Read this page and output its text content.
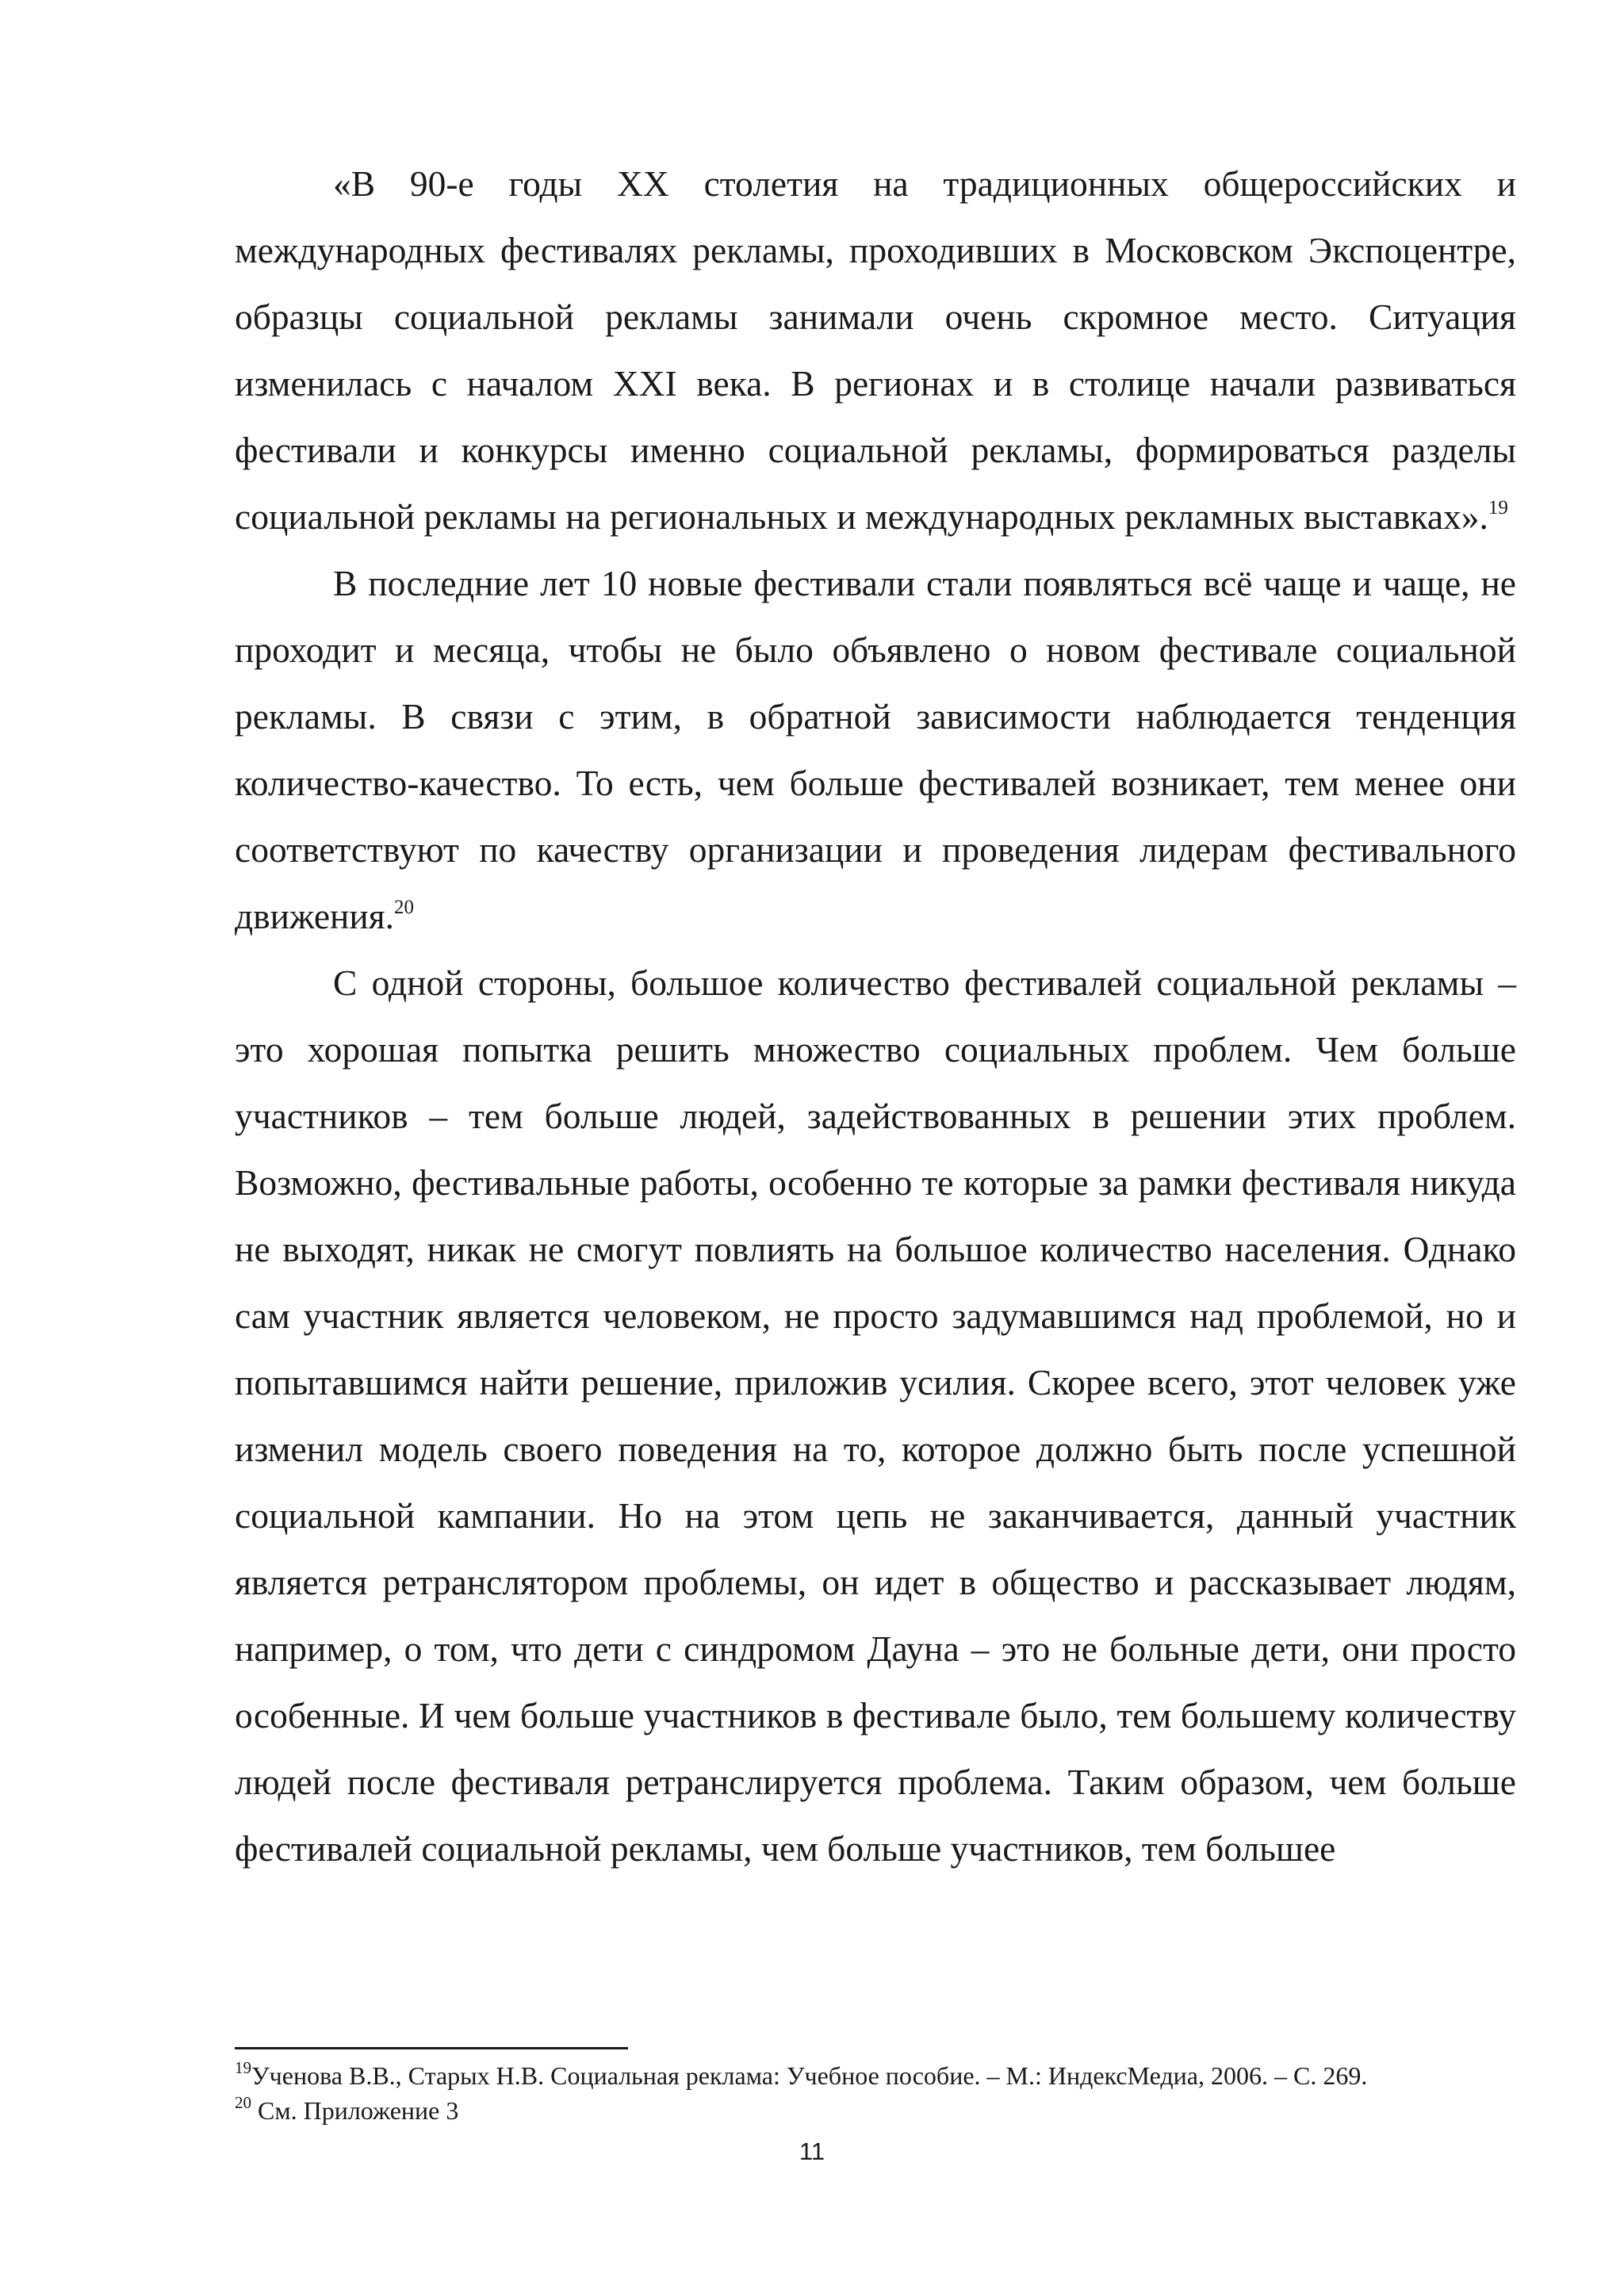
«В 90-е годы XX столетия на традиционных общероссийских и международных фестивалях рекламы, проходивших в Московском Экспоцентре, образцы социальной рекламы занимали очень скромное место. Ситуация изменилась с началом XXI века. В регионах и в столице начали развиваться фестивали и конкурсы именно социальной рекламы, формироваться разделы социальной рекламы на региональных и международных рекламных выставках».$^{19}$

В последние лет 10 новые фестивали стали появляться всё чаще и чаще, не проходит и месяца, чтобы не было объявлено о новом фестивале социальной рекламы. В связи с этим, в обратной зависимости наблюдается тенденция количество-качество. То есть, чем больше фестивалей возникает, тем менее они соответствуют по качеству организации и проведения лидерам фестивального движения.$^{20}$

С одной стороны, большое количество фестивалей социальной рекламы – это хорошая попытка решить множество социальных проблем. Чем больше участников – тем больше людей, задействованных в решении этих проблем. Возможно, фестивальные работы, особенно те которые за рамки фестиваля никуда не выходят, никак не смогут повлиять на большое количество населения. Однако сам участник является человеком, не просто задумавшимся над проблемой, но и попытавшимся найти решение, приложив усилия. Скорее всего, этот человек уже изменил модель своего поведения на то, которое должно быть после успешной социальной кампании. Но на этом цепь не заканчивается, данный участник является ретранслятором проблемы, он идет в общество и рассказывает людям, например, о том, что дети с синдромом Дауна – это не больные дети, они просто особенные. И чем больше участников в фестивале было, тем большему количеству людей после фестиваля ретранслируется проблема. Таким образом, чем больше фестивалей социальной рекламы, чем больше участников, тем большее

$^{19}$Ученова В.В., Старых Н.В. Социальная реклама: Учебное пособие. – М.: ИндексМедиа, 2006. – С. 269.

$^{20}$ См. Приложение 3

11
